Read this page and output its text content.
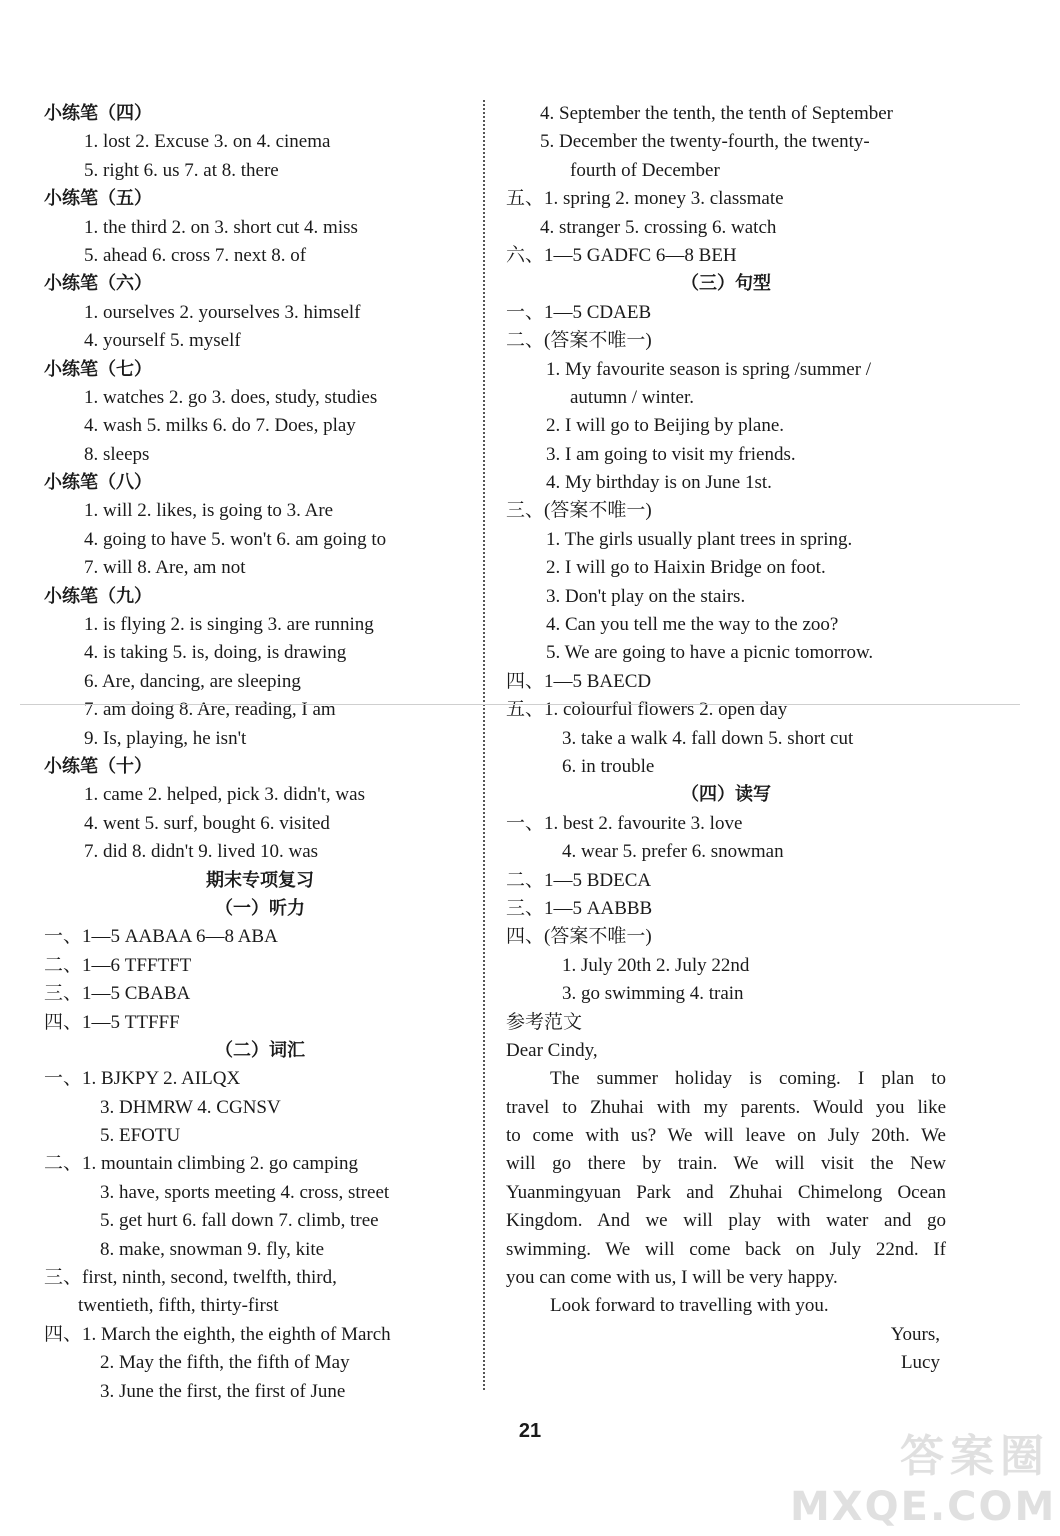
小练笔（四）
1. lost 2. Excuse 3. on 4. cinema
5. right 6. us 7. at 8. there
小练笔（五）
1. the third 2. on 3. short cut 4. miss
5. ahead 6. cross 7. next 8. of
小练笔（六）
1. ourselves 2. yourselves 3. himself
4. yourself 5. myself
小练笔（七）
1. watches 2. go 3. does, study, studies
4. wash 5. milks 6. do 7. Does, play
8. sleeps
小练笔（八）
1. will 2. likes, is going to 3. Are
4. going to have 5. won't 6. am going to
7. will 8. Are, am not
小练笔（九）
1. is flying 2. is singing 3. are running
4. is taking 5. is, doing, is drawing
6. Are, dancing, are sleeping
7. am doing 8. Are, reading, I am
9. Is, playing, he isn't
小练笔（十）
1. came 2. helped, pick 3. didn't, was
4. went 5. surf, bought 6. visited
7. did 8. didn't 9. lived 10. was
期末专项复习
（一）听力
一、1—5 AABAA 6—8 ABA
二、1—6 TFFTFT
三、1—5 CBABA
四、1—5 TTFFF
（二）词汇
一、1. BJKPY 2. AILQX
3. DHMRW 4. CGNSV
5. EFOTU
二、1. mountain climbing 2. go camping
3. have, sports meeting 4. cross, street
5. get hurt 6. fall down 7. climb, tree
8. make, snowman 9. fly, kite
三、first, ninth, second, twelfth, third,
twentieth, fifth, thirty-first
四、1. March the eighth, the eighth of March
2. May the fifth, the fifth of May
3. June the first, the first of June
4. September the tenth, the tenth of September
5. December the twenty-fourth, the twenty-
fourth of December
五、1. spring 2. money 3. classmate
4. stranger 5. crossing 6. watch
六、1—5 GADFC 6—8 BEH
（三）句型
一、1—5 CDAEB
二、(答案不唯一)
1. My favourite season is spring /summer /
autumn / winter.
2. I will go to Beijing by plane.
3. I am going to visit my friends.
4. My birthday is on June 1st.
三、(答案不唯一)
1. The girls usually plant trees in spring.
2. I will go to Haixin Bridge on foot.
3. Don't play on the stairs.
4. Can you tell me the way to the zoo?
5. We are going to have a picnic tomorrow.
四、1—5 BAECD
五、1. colourful flowers 2. open day
3. take a walk 4. fall down 5. short cut
6. in trouble
（四）读写
一、1. best 2. favourite 3. love
4. wear 5. prefer 6. snowman
二、1—5 BDECA
三、1—5 AABBB
四、(答案不唯一)
1. July 20th 2. July 22nd
3. go swimming 4. train
参考范文
Dear Cindy,
The summer holiday is coming. I plan to
travel to Zhuhai with my parents. Would you like
to come with us? We will leave on July 20th. We
will go there by train. We will visit the New
Yuanmingyuan Park and Zhuhai Chimelong Ocean
Kingdom. And we will play with water and go
swimming. We will come back on July 22nd. If
you can come with us, I will be very happy.
Look forward to travelling with you.
Yours,
Lucy
21	答案圈
MXQE.COM
